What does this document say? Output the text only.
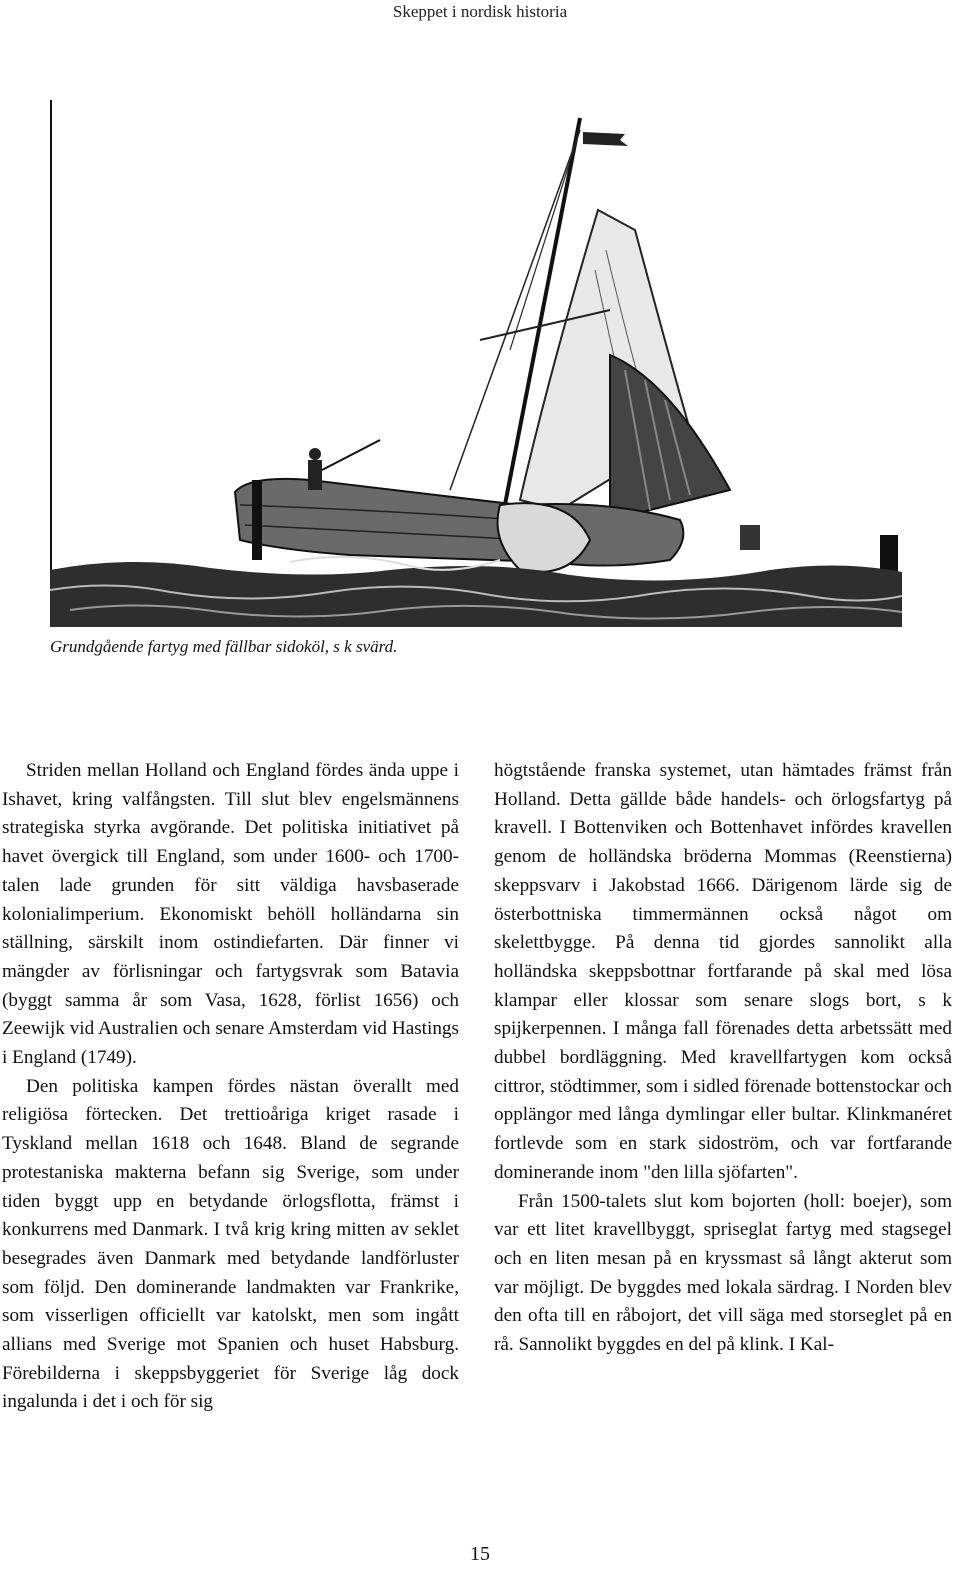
Skeppet i nordisk historia
Grundgående fartyg med fällbar sidoköl, s k svärd.

Striden mellan Holland och England fördes ända uppe i Ishavet, kring valfångsten. Till slut blev engelsmännens strategiska styrka avgörande. Det politiska initiativet på havet övergick till England, som under 1600- och 1700-talen lade grunden för sitt väldiga havsbaserade kolonialimperium. Ekonomiskt behöll holländarna sin ställning, särskilt inom ostindiefarten. Där finner vi mängder av förlisningar och fartygsvrak som Batavia (byggt samma år som Vasa, 1628, förlist 1656) och Zeewijk vid Australien och senare Amsterdam vid Hastings i England (1749).

Den politiska kampen fördes nästan överallt med religiösa förtecken. Det trettioåriga kriget rasade i Tyskland mellan 1618 och 1648. Bland de segrande protestaniska makterna befann sig Sverige, som under tiden byggt upp en betydande örlogsflotta, främst i konkurrens med Danmark. I två krig kring mitten av seklet besegrades även Danmark med betydande landförluster som följd. Den dominerande landmakten var Frankrike, som visserligen officiellt var katolskt, men som ingått allians med Sverige mot Spanien och huset Habsburg. Förebilderna i skeppsbyggeriet för Sverige låg dock ingalunda i det i och för sig

högtstående franska systemet, utan hämtades främst från Holland. Detta gällde både handels- och örlogsfartyg på kravell. I Bottenviken och Bottenhavet infördes kravellen genom de holländska bröderna Mommas (Reenstierna) skeppsvarv i Jakobstad 1666. Därigenom lärde sig de österbottniska timmermännen också något om skelettbygge. På denna tid gjordes sannolikt alla holländska skeppsbottnar fortfarande på skal med lösa klampar eller klossar som senare slogs bort, s k spijkerpennen. I många fall förenades detta arbetssätt med dubbel bordläggning. Med kravellfartygen kom också cittror, stödtimmer, som i sidled förenade bottenstockar och opplängor med långa dymlingar eller bultar. Klinkmanéret fortlevde som en stark sidoström, och var fortfarande dominerande inom "den lilla sjöfarten".

Från 1500-talets slut kom bojorten (holl: boejer), som var ett litet kravellbyggt, spriseglat fartyg med stagsegel och en liten mesan på en kryssmast så långt akterut som var möjligt. De byggdes med lokala särdrag. I Norden blev den ofta till en råbojort, det vill säga med storseglet på en rå. Sannolikt byggdes en del på klink. I Kal-

15
